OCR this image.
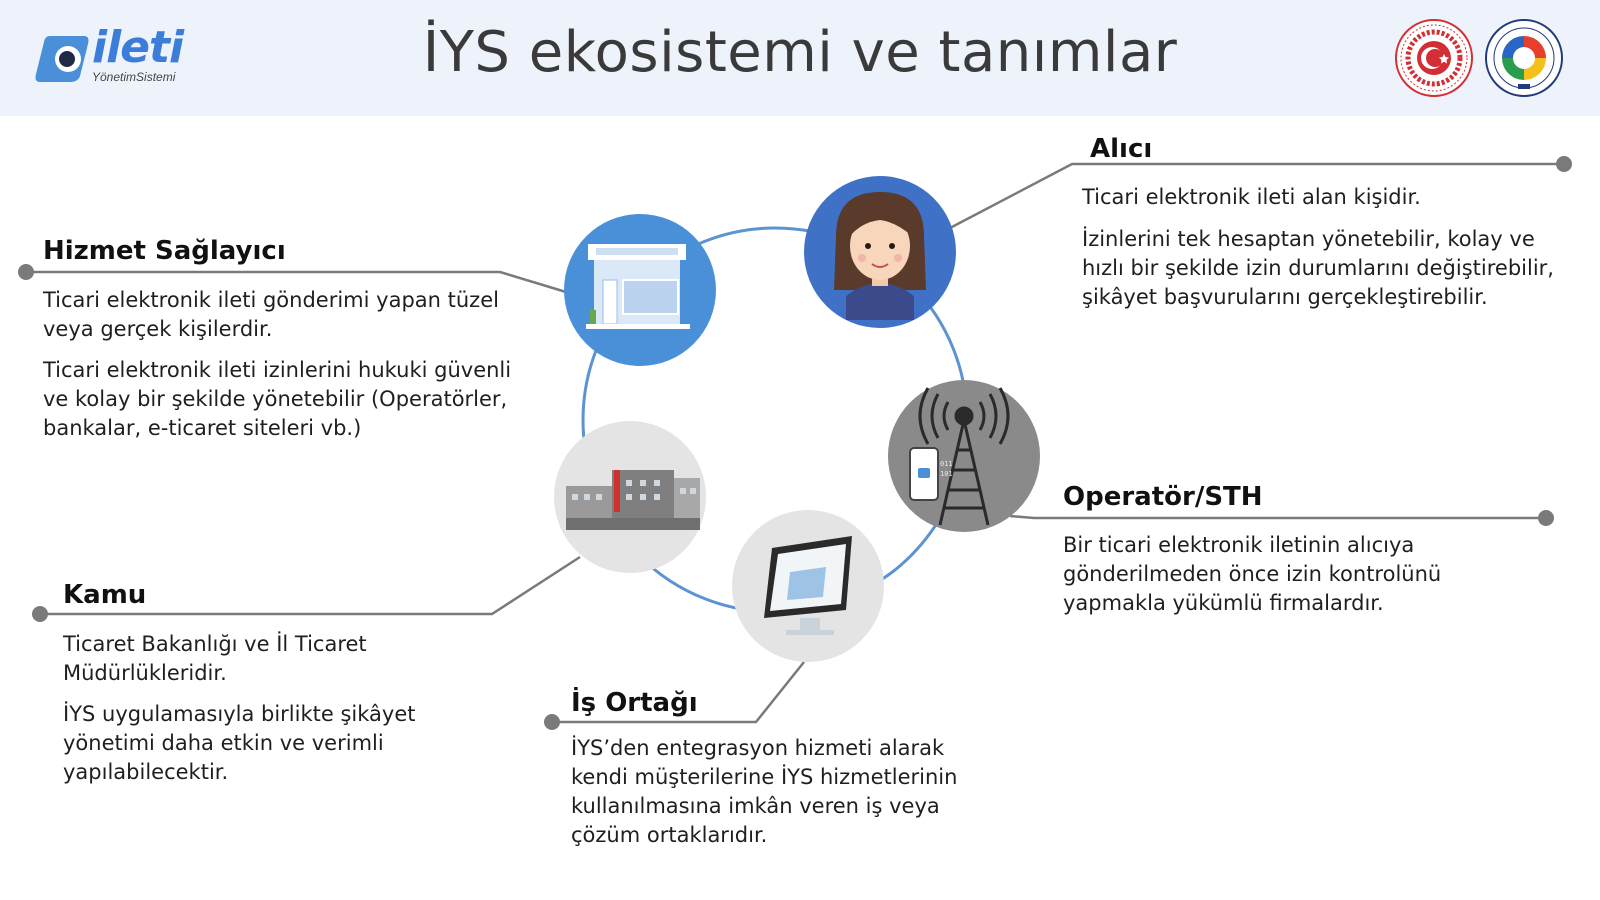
ileti
YönetimSistemi	İYS ekosistemi ve tanımlar
011
101
Hizmet Sağlayıcı
Ticari elektronik ileti gönderimi yapan tüzel
veya gerçek kişilerdir.
Ticari elektronik ileti izinlerini hukuki güvenli
ve kolay bir şekilde yönetebilir (Operatörler,
bankalar, e-ticaret siteleri vb.)
Alıcı
Ticari elektronik ileti alan kişidir.
İzinlerini tek hesaptan yönetebilir, kolay ve
hızlı bir şekilde izin durumlarını değiştirebilir,
şikâyet başvurularını gerçekleştirebilir.
Operatör/STH
Bir ticari elektronik iletinin alıcıya
gönderilmeden önce izin kontrolünü
yapmakla yükümlü firmalardır.
Kamu
Ticaret Bakanlığı ve İl Ticaret
Müdürlükleridir.
İYS uygulamasıyla birlikte şikâyet
yönetimi daha etkin ve verimli
yapılabilecektir.
İş Ortağı
İYS’den entegrasyon hizmeti alarak
kendi müşterilerine İYS hizmetlerinin
kullanılmasına imkân veren iş veya
çözüm ortaklarıdır.
